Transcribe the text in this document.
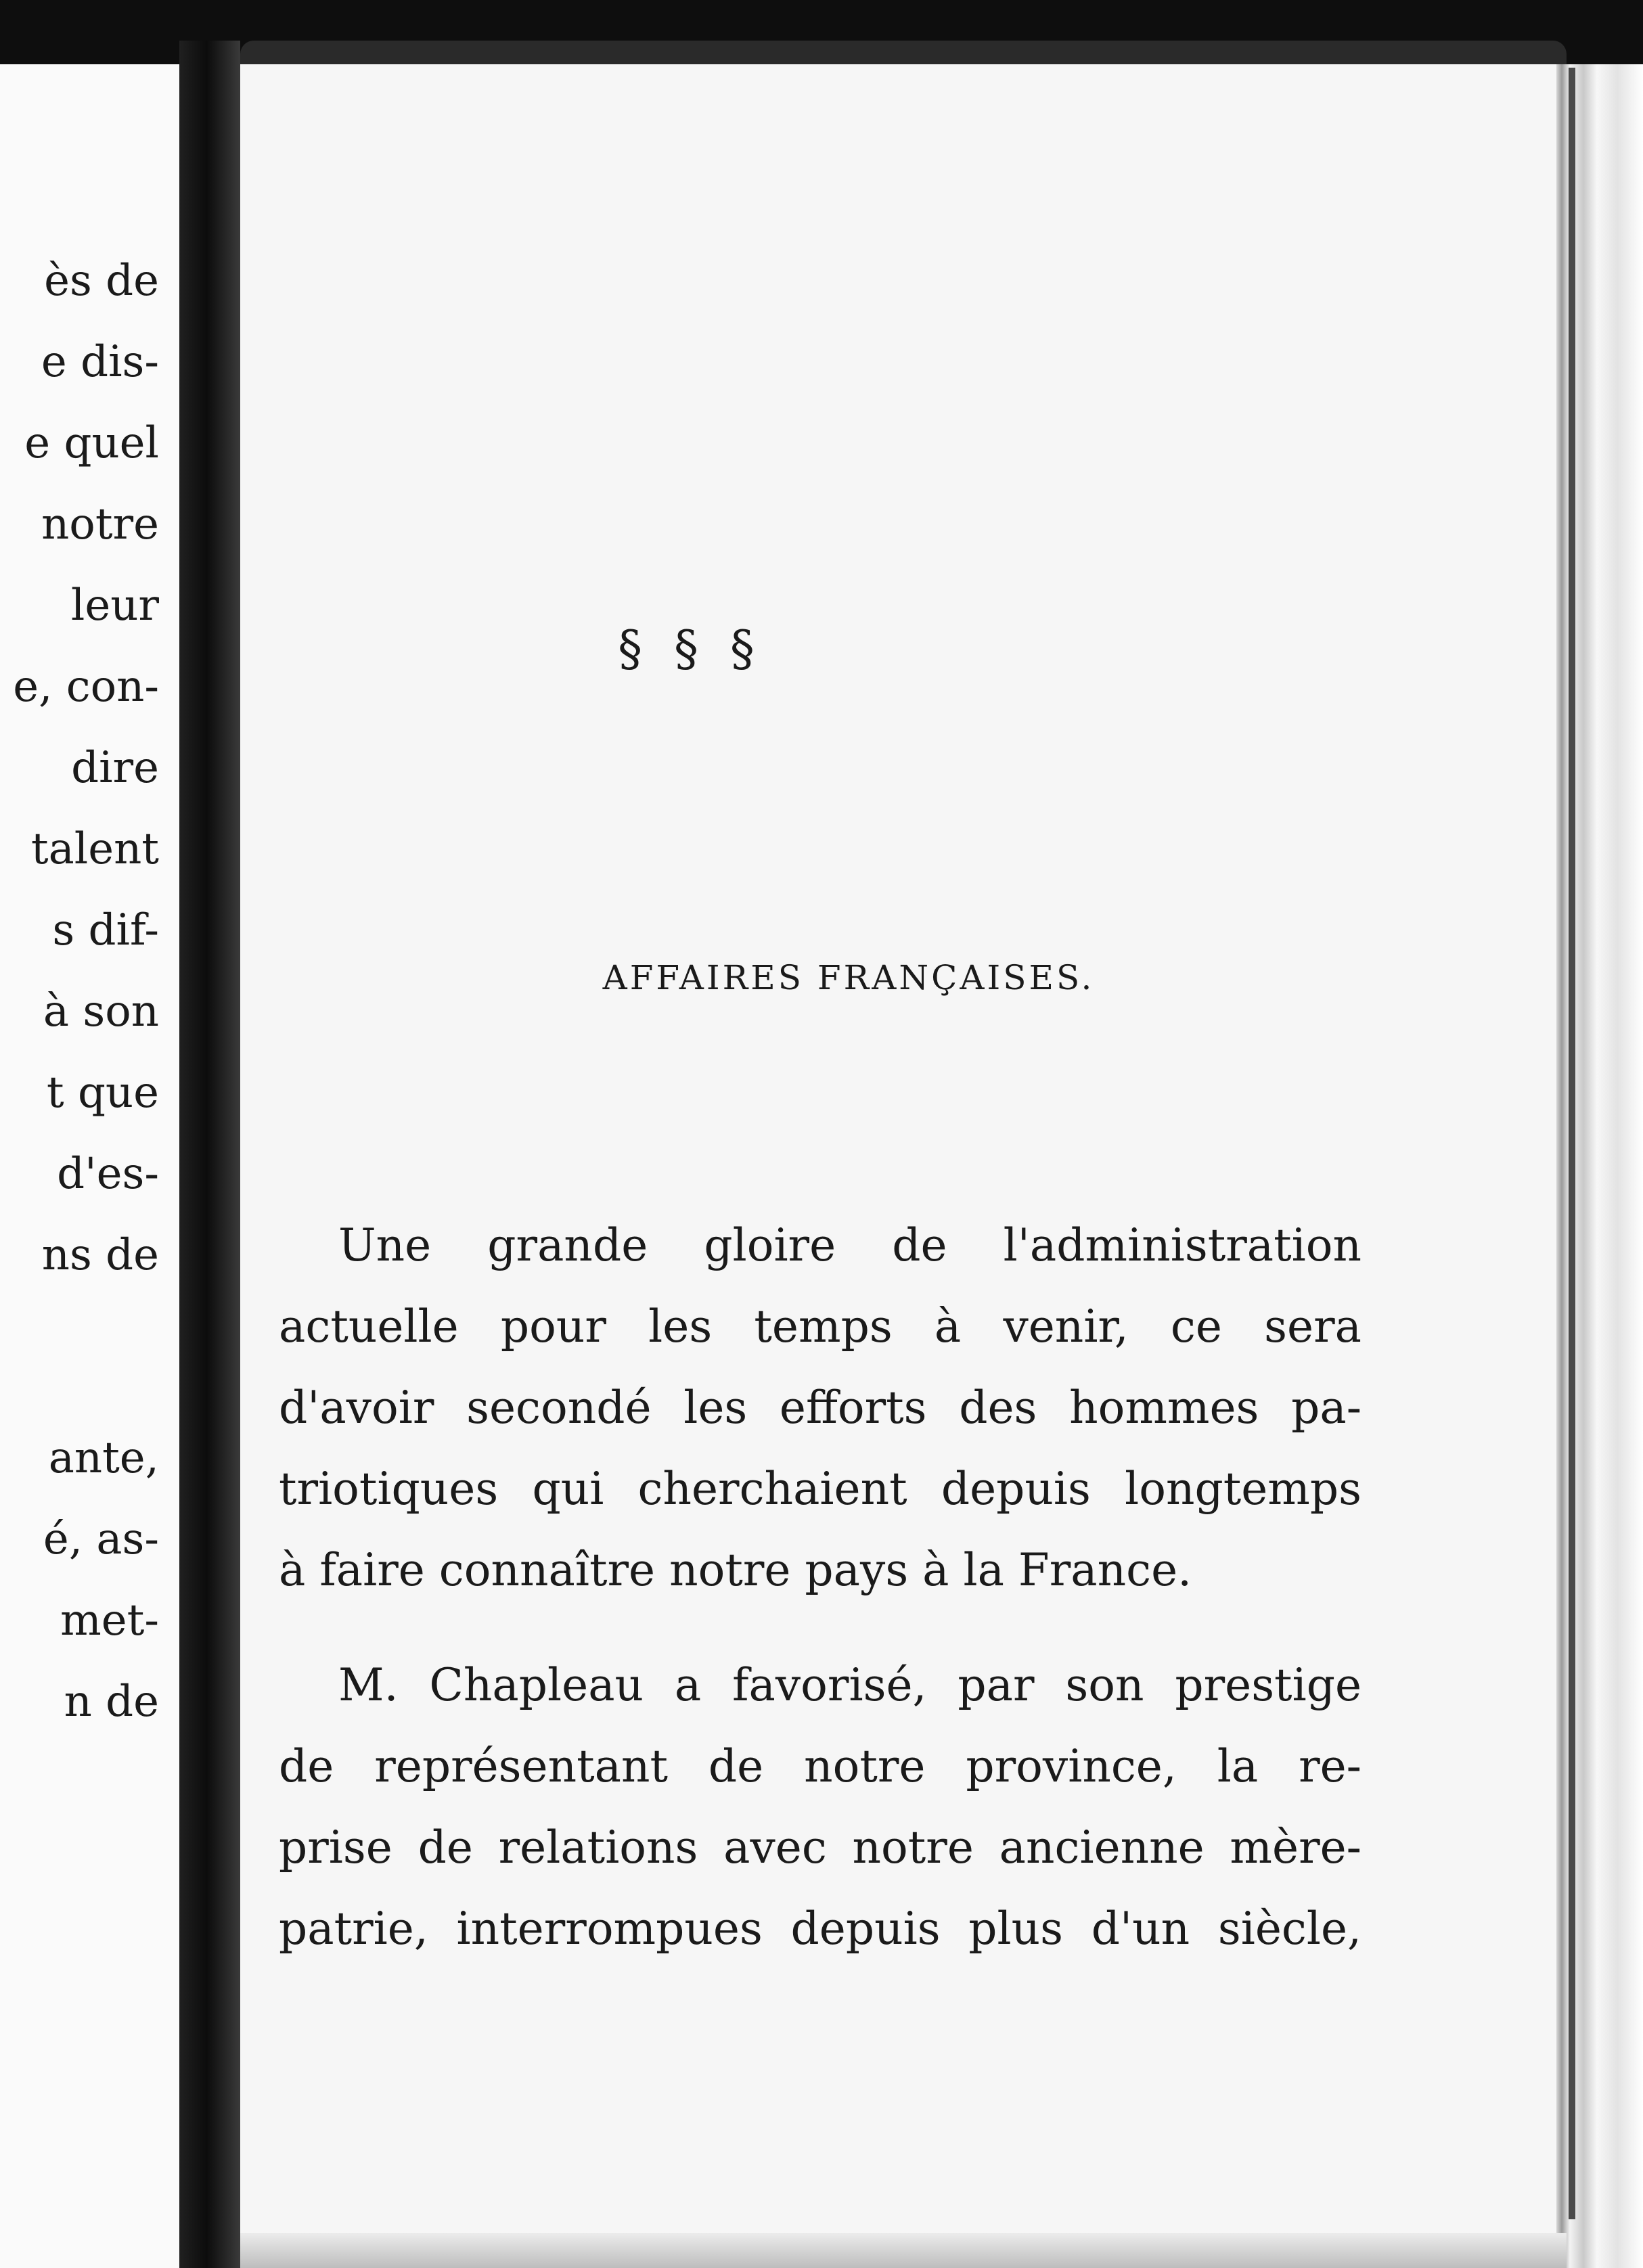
ès de

e dis-

e quel

notre

leur

e, con-

dire

talent

s dif-

à son

t que

d'es-

ns de

ante,

é, as-

met-

n de

§ § §
AFFAIRES FRANÇAISES.

Une grande gloire de l'administration

actuelle pour les temps à venir, ce sera

d'avoir secondé les efforts des hommes pa-

triotiques qui cherchaient depuis longtemps

à faire connaître notre pays à la France.

M. Chapleau a favorisé, par son prestige

de représentant de notre province, la re-

prise de relations avec notre ancienne mère-

patrie, interrompues depuis plus d'un siècle,
